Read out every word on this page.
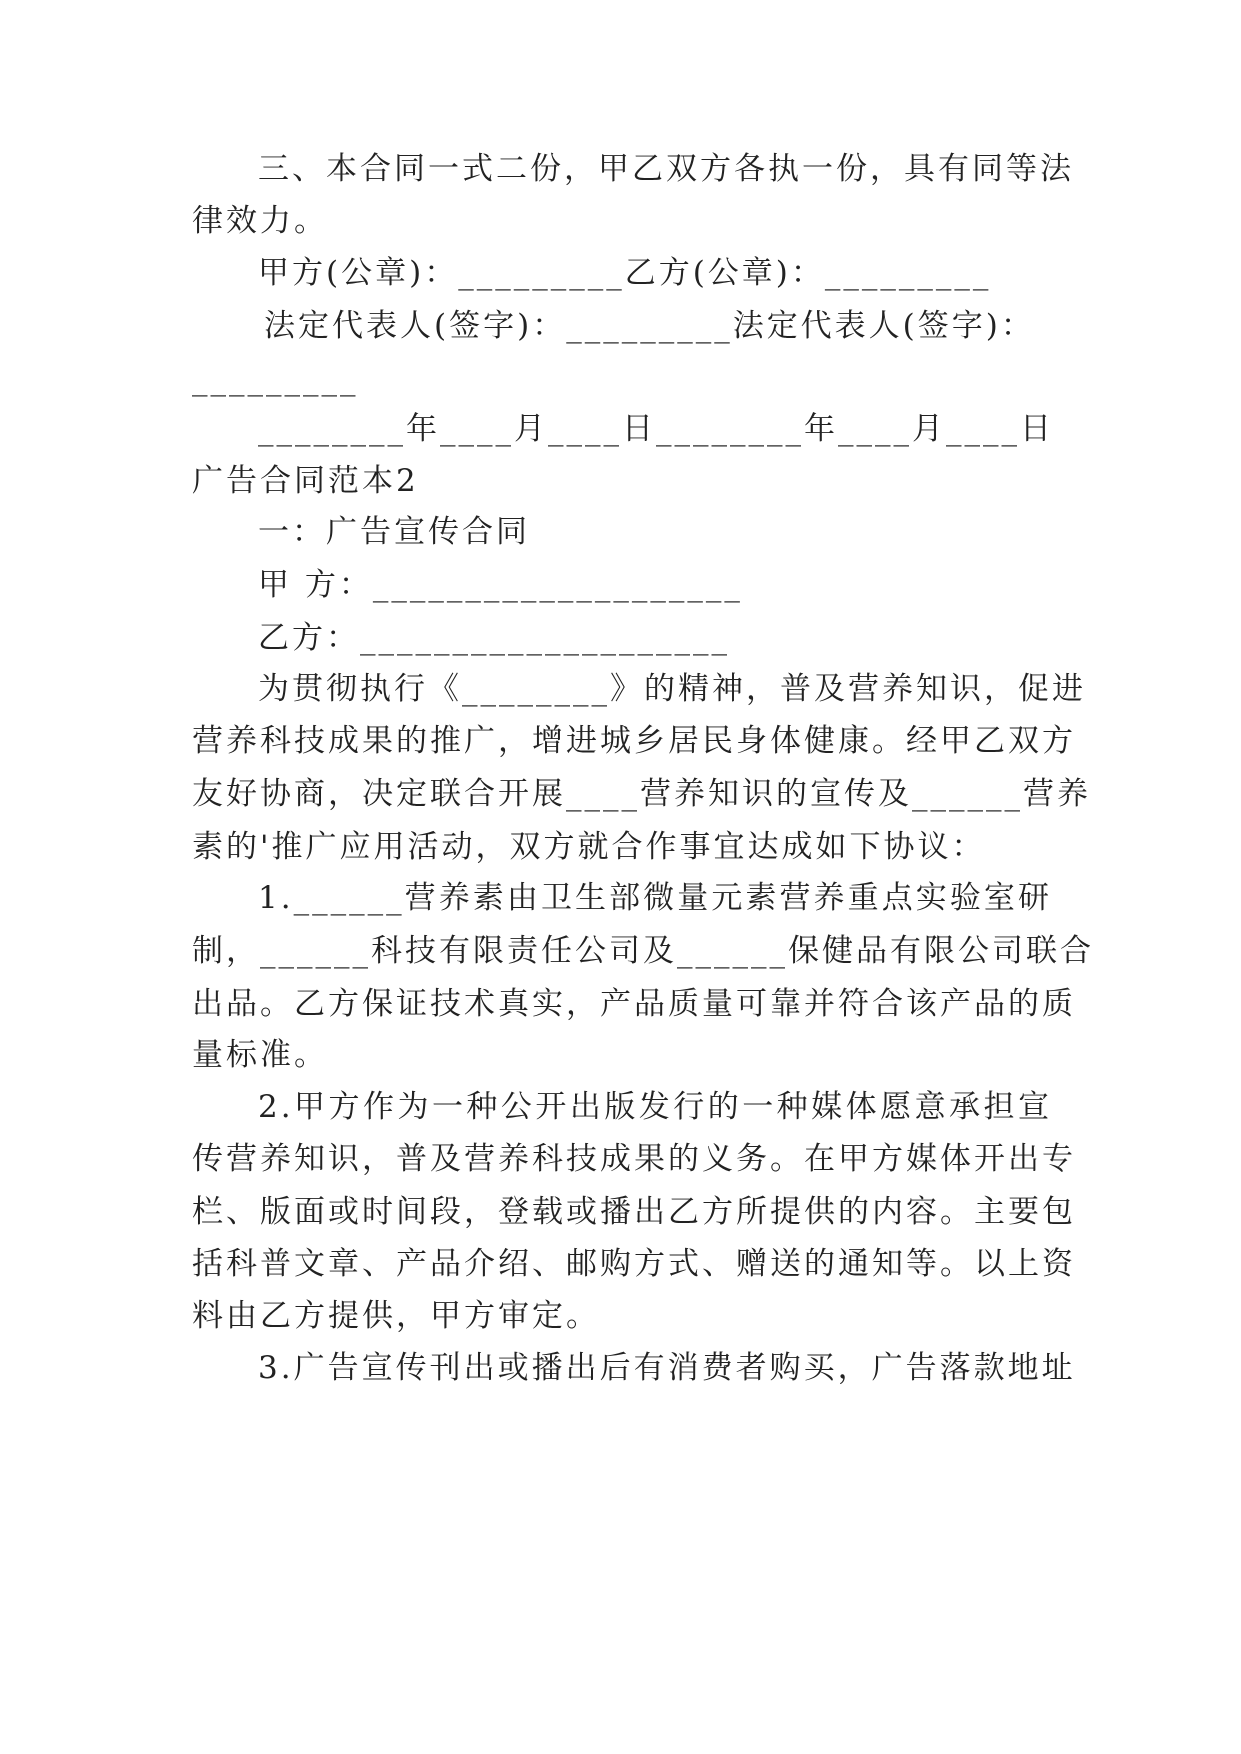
三、本合同一式二份，甲乙双方各执一份，具有同等法

律效力。

甲方(公章)：_________乙方(公章)：_________

法定代表人(签字)：_________法定代表人(签字)：

_________

________年____月____日________年____月____日

广告合同范本2

一：广告宣传合同

甲 方：____________________

乙方：____________________

为贯彻执行《________》的精神，普及营养知识，促进

营养科技成果的推广，增进城乡居民身体健康。经甲乙双方

友好协商，决定联合开展____营养知识的宣传及______营养

素的'推广应用活动，双方就合作事宜达成如下协议：

1.______营养素由卫生部微量元素营养重点实验室研

制，______科技有限责任公司及______保健品有限公司联合

出品。乙方保证技术真实，产品质量可靠并符合该产品的质

量标准。

2.甲方作为一种公开出版发行的一种媒体愿意承担宣

传营养知识，普及营养科技成果的义务。在甲方媒体开出专

栏、版面或时间段，登载或播出乙方所提供的内容。主要包

括科普文章、产品介绍、邮购方式、赠送的通知等。以上资

料由乙方提供，甲方审定。

3.广告宣传刊出或播出后有消费者购买，广告落款地址
